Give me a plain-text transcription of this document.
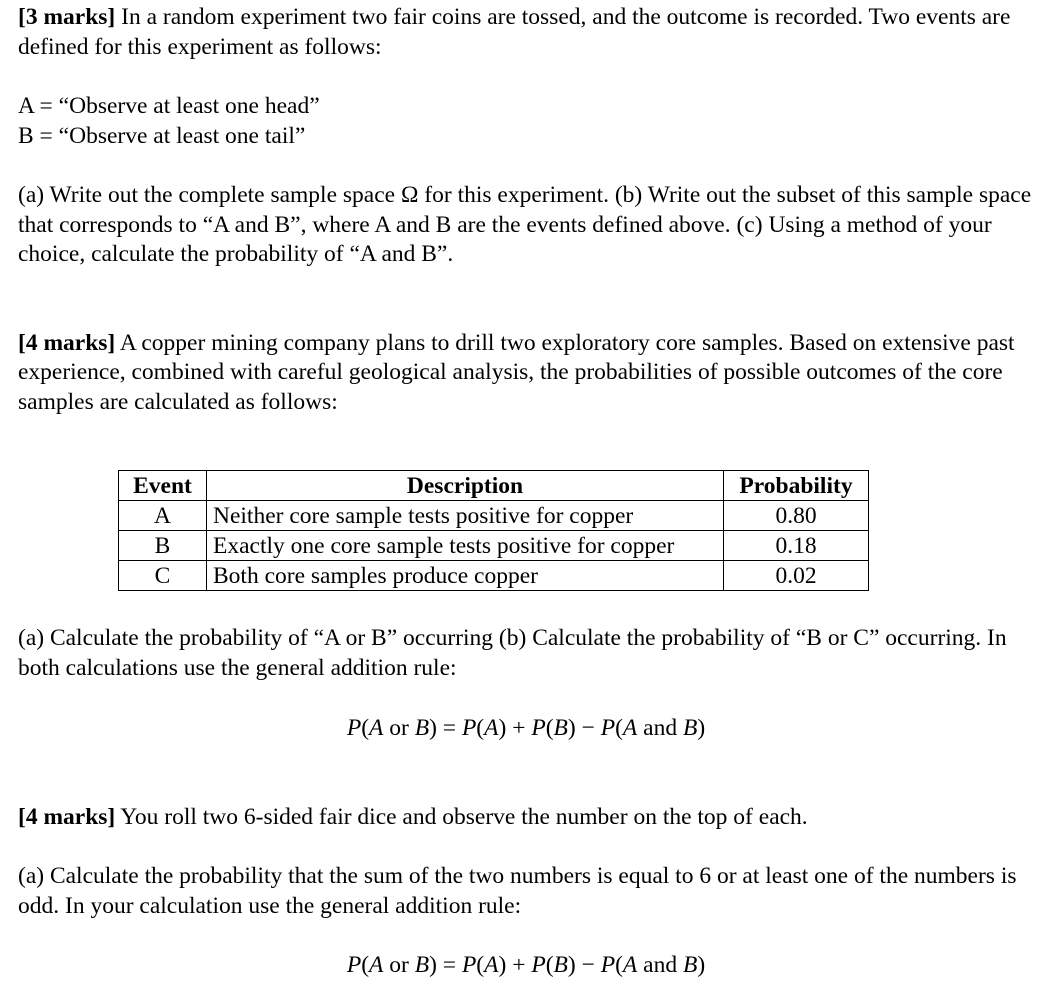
[3 marks] In a random experiment two fair coins are tossed, and the outcome is recorded. Two events are defined for this experiment as follows:

A = “Observe at least one head”

B = “Observe at least one tail”

(a) Write out the complete sample space Ω for this experiment. (b) Write out the subset of this sample space that corresponds to “A and B”, where A and B are the events defined above. (c) Using a method of your choice, calculate the probability of “A and B”.

[4 marks] A copper mining company plans to drill two exploratory core samples. Based on extensive past experience, combined with careful geological analysis, the probabilities of possible outcomes of the core samples are calculated as follows:

Event	Description	Probability
A	Neither core sample tests positive for copper	0.80
B	Exactly one core sample tests positive for copper	0.18
C	Both core samples produce copper	0.02

(a) Calculate the probability of “A or B” occurring (b) Calculate the probability of “B or C” occurring. In both calculations use the general addition rule:

[4 marks] You roll two 6-sided fair dice and observe the number on the top of each.

(a) Calculate the probability that the sum of the two numbers is equal to 6 or at least one of the numbers is odd. In your calculation use the general addition rule:

P(A or B) = P(A) + P(B) − P(A and B)
P(A or B) = P(A) + P(B) − P(A and B)
